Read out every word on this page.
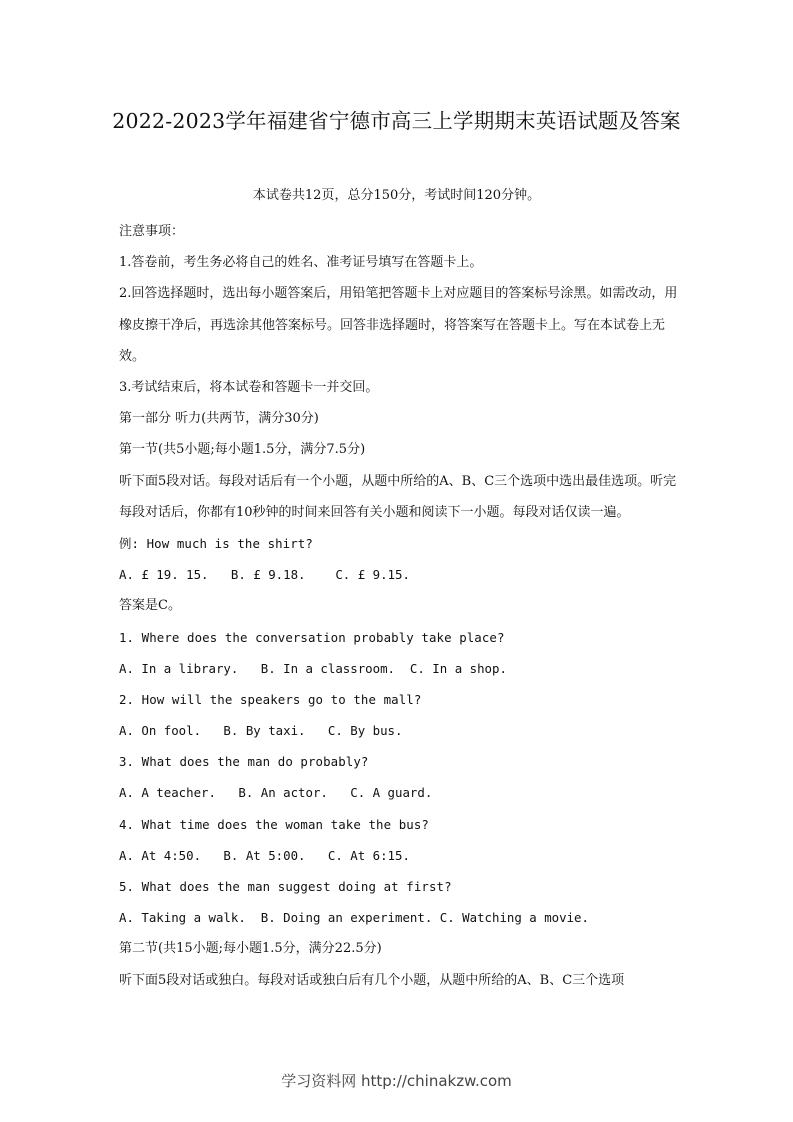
2022-2023学年福建省宁德市高三上学期期末英语试题及答案
本试卷共12页，总分150分，考试时间120分钟。
注意事项：
1.答卷前，考生务必将自己的姓名、准考证号填写在答题卡上。
2.回答选择题时，选出每小题答案后，用铅笔把答题卡上对应题目的答案标号涂黑。如需改动，用橡皮擦干净后，再选涂其他答案标号。回答非选择题时，将答案写在答题卡上。写在本试卷上无效。
3.考试结束后，将本试卷和答题卡一并交回。
第一部分 听力(共两节，满分30分)
第一节(共5小题;每小题1.5分，满分7.5分)
听下面5段对话。每段对话后有一个小题，从题中所给的A、B、C三个选项中选出最佳选项。听完每段对话后，你都有10秒钟的时间来回答有关小题和阅读下一小题。每段对话仅读一遍。
例: How much is the shirt?
A. £ 19. 15.   B. £ 9.18.    C. £ 9.15.
答案是C。
1. Where does the conversation probably take place?
A. In a library.   B. In a classroom.  C. In a shop.
2. How will the speakers go to the mall?
A. On fool.   B. By taxi.   C. By bus.
3. What does the man do probably?
A. A teacher.   B. An actor.   C. A guard.
4. What time does the woman take the bus?
A. At 4:50.   B. At 5:00.   C. At 6:15.
5. What does the man suggest doing at first?
A. Taking a walk.  B. Doing an experiment. C. Watching a movie.
第二节(共15小题;每小题1.5分，满分22.5分)
听下面5段对话或独白。每段对话或独白后有几个小题，从题中所给的A、B、C三个选项
学习资料网 http://chinakzw.com
